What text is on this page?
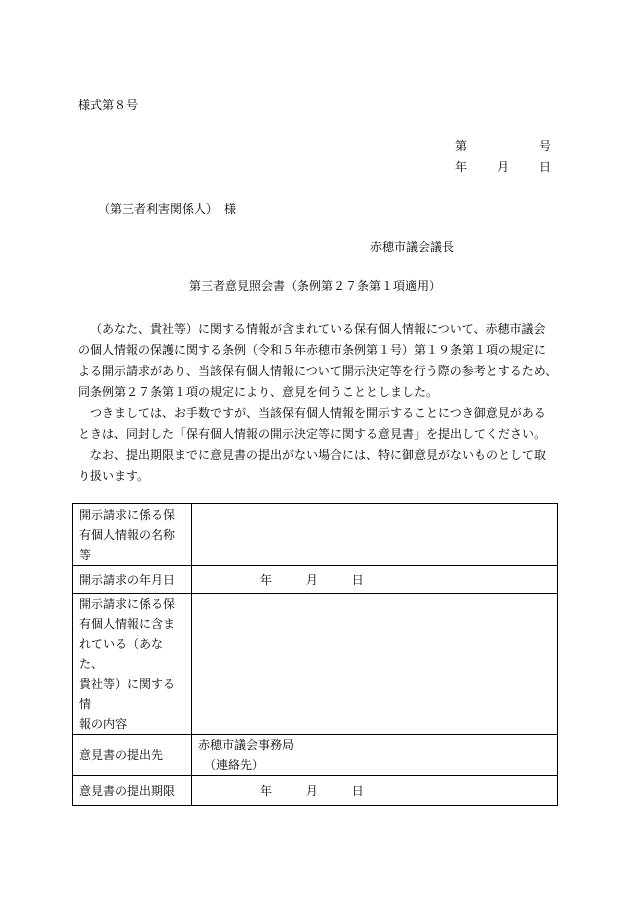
様式第８号
第	号
年 月 日
（第三者利害関係人）　様
赤穂市議会議長
第三者意見照会書（条例第２７条第１項適用）
（あなた、貴社等）に関する情報が含まれている保有個人情報について、赤穂市議会
の個人情報の保護に関する条例（令和５年赤穂市条例第１号）第１９条第１項の規定に
よる開示請求があり、当該保有個人情報について開示決定等を行う際の参考とするため、
同条例第２７条第１項の規定により、意見を伺うこととしました。
つきましては、お手数ですが、当該保有個人情報を開示することにつき御意見がある
ときは、同封した「保有個人情報の開示決定等に関する意見書」を提出してください。
なお、提出期限までに意見書の提出がない場合には、特に御意見がないものとして取
り扱います。
開示請求に係る保
有個人情報の名称
等	

開示請求の年月日	年 月 日

開示請求に係る保
有個人情報に含ま
れている（あなた、
貴社等）に関する情
報の内容	

意見書の提出先	赤穂市議会事務局
（連絡先）

意見書の提出期限	年 月 日
